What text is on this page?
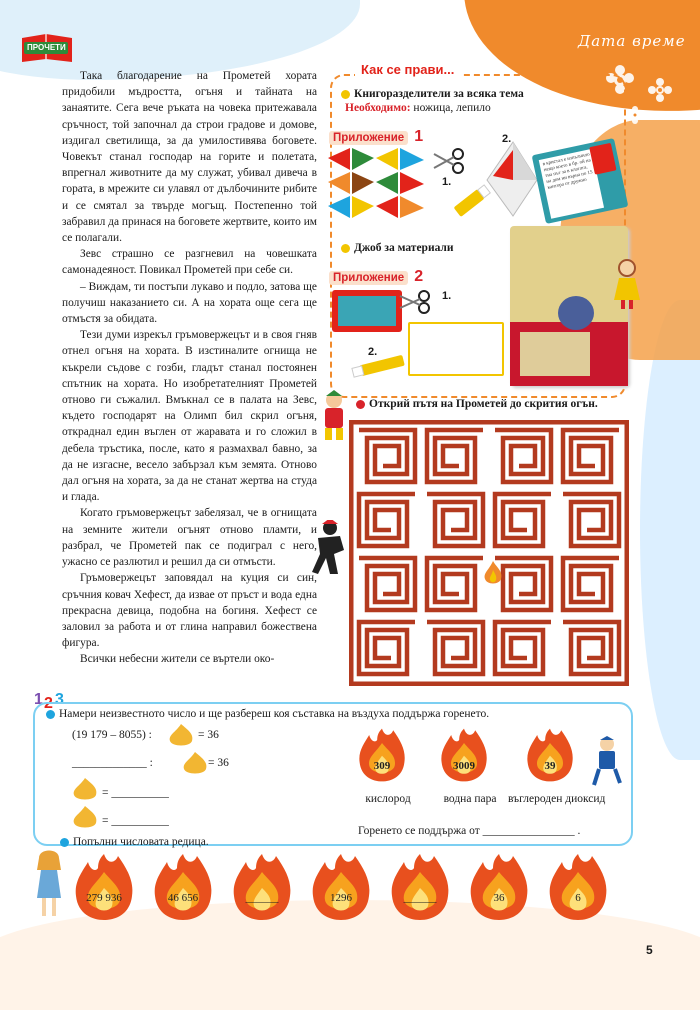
Дата време
ПРОЧЕТИ

Така благодарение на Прометей хората придобили мъдростта, огъня и тайната на занаятите. Сега вече ръката на човека притежавала сръчност, той започнал да строи градове и домове, издигал светилища, за да умилостивява боговете. Човекът станал господар на горите и полетата, впрегнал животните да му служат, убивал дивеча в гората, в мрежите си улавял от дълбочините рибите и се смятал за твърде могъщ. Постепенно той забравил да принася на боговете жертвите, които им се полагали.

Зевс страшно се разгневил на човешката самонадеяност. Повикал Прометей при себе си.

– Виждам, ти постъпи лукаво и подло, затова ще получиш наказанието си. А на хората още сега ще отмъстя за обидата.

Тези думи изрекъл гръмовержецът и в своя гняв отнел огъня на хората. В изстиналите огнища не къкрели съдове с гозби, гладът станал постоянен спътник на хората. Но изобретателният Прометей отново ги съжалил. Вмъкнал се в палата на Зевс, където господарят на Олимп бил скрил огъня, откраднал един въглен от жаравата и го сложил в дебела тръстика, после, като я размахвал бавно, за да не изгасне, весело забързал към земята. Отново дал огъня на хората, за да не станат жертва на студа и глада.

Когато гръмовержецът забелязал, че в огнищата на земните жители огънят отново пламти, и разбрал, че Прометей пак се подиграл с него, ужасно се разлютил и решил да си отмъсти.

Гръмовержецът заповядал на куция си син, сръчния ковач Хефест, да извае от пръст и вода една прекрасна девица, подобна на богиня. Хефест се заловил за работа и от глина направил божествена фигура.

Всички небесни жители се въртели око-

Как се прави...
Книгоразделители за всяка тема
Необходимо: ножица, лепило
Приложение 1
1.
2.
в кристал е изпълнило нещо което в бр. ой на тиа път за в клатата, на дом ни върна по 15 кантора от дружно
Джоб за материали
Приложение 2
1.
2.
Открий пътя на Прометей до скрития огън.
1 2 3
Намери неизвестното число и ще разбереш коя съставка на въздуха поддържа горенето.
(19 179 – 8055) :	= 36
_____________ :	= 36
= __________
= __________
309
кислород
3009
водна пара
39
въглероден диоксид
Горенето се поддържа от ________________ .
Попълни числовата редица.
279 936	46 656	______	1296	______	36	6
5
